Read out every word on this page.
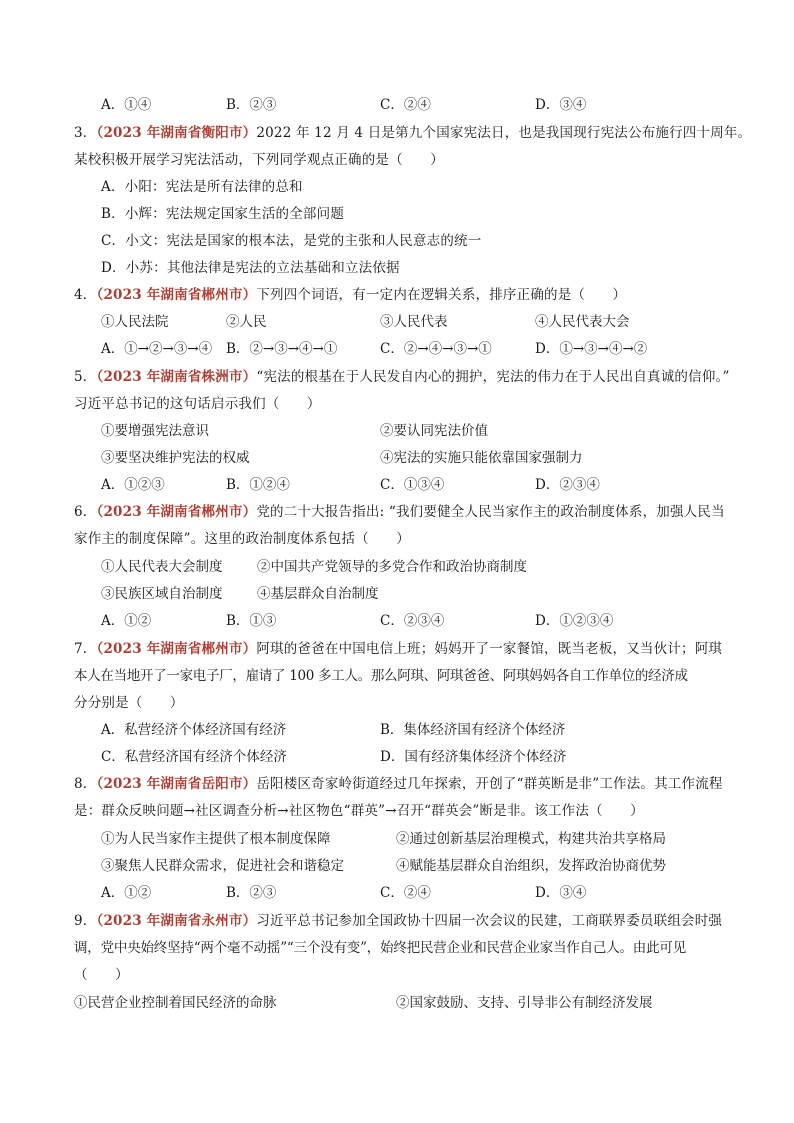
A．①④	B．②③	C．②④	D．③④
3．（2023 年湖南省衡阳市）2022 年 12 月 4 日是第九个国家宪法日，也是我国现行宪法公布施行四十周年。
某校积极开展学习宪法活动，下列同学观点正确的是（　　）
A．小阳：宪法是所有法律的总和
B．小辉：宪法规定国家生活的全部问题
C．小文：宪法是国家的根本法，是党的主张和人民意志的统一
D．小苏：其他法律是宪法的立法基础和立法依据
4．（2023 年湖南省郴州市）下列四个词语，有一定内在逻辑关系，排序正确的是（　　）
①人民法院	②人民	③人民代表	④人民代表大会
A．①→②→③→④ B．②→③→④→①	C．②→④→③→①	D．①→③→④→②
5．（2023 年湖南省株洲市）“宪法的根基在于人民发自内心的拥护，宪法的伟力在于人民出自真诚的信仰。”
习近平总书记的这句话启示我们（　　）
①要增强宪法意识	②要认同宪法价值
③要坚决维护宪法的权威	④宪法的实施只能依靠国家强制力
A．①②③	B．①②④	C．①③④	D．②③④
6．（2023 年湖南省郴州市）党的二十大报告指出: “我们要健全人民当家作主的政治制度体系，加强人民当
家作主的制度保障”。这里的政治制度体系包括（　　）
①人民代表大会制度	②中国共产党领导的多党合作和政治协商制度
③民族区域自治制度	④基层群众自治制度
A．①②	B．①③	C．②③④	D．①②③④
7．（2023 年湖南省郴州市）阿琪的爸爸在中国电信上班；妈妈开了一家餐馆，既当老板，又当伙计；阿琪
本人在当地开了一家电子厂，雇请了 100 多工人。那么阿琪、阿琪爸爸、阿琪妈妈各自工作单位的经济成
分分别是（　　）
A．私营经济个体经济国有经济	B．集体经济国有经济个体经济
C．私营经济国有经济个体经济	D．国有经济集体经济个体经济
8．（2023 年湖南省岳阳市）岳阳楼区奇家岭街道经过几年探索，开创了“群英断是非”工作法。其工作流程
是：群众反映问题→社区调查分析→社区物色“群英”→召开“群英会”断是非。该工作法（　　）
①为人民当家作主提供了根本制度保障	②通过创新基层治理模式，构建共治共享格局
③聚焦人民群众需求，促进社会和谐稳定	④赋能基层群众自治组织，发挥政治协商优势
A．①②	B．②③	C．②④	D．③④
9．（2023 年湖南省永州市）习近平总书记参加全国政协十四届一次会议的民建，工商联界委员联组会时强
调，党中央始终坚持“两个毫不动摇”“三个没有变”，始终把民营企业和民营企业家当作自己人。由此可见
（　　）
①民营企业控制着国民经济的命脉	②国家鼓励、支持、引导非公有制经济发展
